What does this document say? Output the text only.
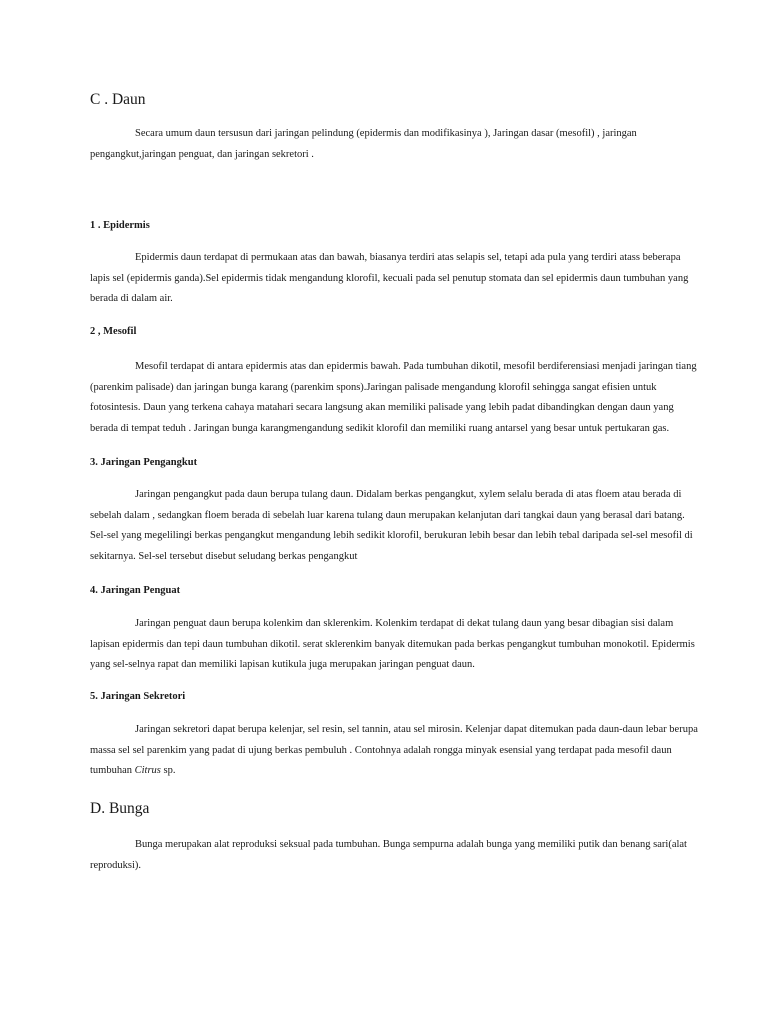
C . Daun

Secara umum daun tersusun dari jaringan pelindung (epidermis dan modifikasinya ), Jaringan dasar (mesofil) , jaringan
pengangkut,jaringan penguat, dan jaringan sekretori .

1 . Epidermis

Epidermis daun terdapat di permukaan atas dan bawah, biasanya terdiri atas selapis sel, tetapi ada pula yang terdiri atass beberapa
lapis sel (epidermis ganda).Sel epidermis tidak mengandung klorofil, kecuali pada sel penutup stomata dan sel epidermis daun tumbuhan yang
berada di dalam air.

2 , Mesofil

Mesofil terdapat di antara epidermis atas dan epidermis bawah. Pada tumbuhan dikotil, mesofil berdiferensiasi menjadi jaringan tiang
(parenkim palisade) dan jaringan bunga karang (parenkim spons).Jaringan palisade mengandung klorofil sehingga sangat efisien untuk
fotosintesis. Daun yang terkena cahaya matahari secara langsung akan memiliki palisade yang lebih padat dibandingkan dengan daun yang
berada di tempat teduh . Jaringan bunga karangmengandung sedikit klorofil dan memiliki ruang antarsel yang besar untuk pertukaran gas.

3. Jaringan Pengangkut

Jaringan pengangkut pada daun berupa tulang daun. Didalam berkas pengangkut, xylem selalu berada di atas floem atau berada di
sebelah dalam , sedangkan floem berada di sebelah luar karena tulang daun merupakan kelanjutan dari tangkai daun yang berasal dari batang.
Sel-sel yang megelilingi berkas pengangkut mengandung lebih sedikit klorofil, berukuran lebih besar dan lebih tebal daripada sel-sel mesofil di
sekitarnya. Sel-sel tersebut disebut seludang berkas pengangkut

4. Jaringan Penguat

Jaringan penguat daun berupa kolenkim dan sklerenkim. Kolenkim terdapat di dekat tulang daun yang besar dibagian sisi dalam
lapisan epidermis dan tepi daun tumbuhan dikotil. serat sklerenkim banyak ditemukan pada berkas pengangkut tumbuhan monokotil. Epidermis
yang sel-selnya rapat dan memiliki lapisan kutikula juga merupakan jaringan penguat daun.

5. Jaringan Sekretori

Jaringan sekretori dapat berupa kelenjar, sel resin, sel tannin, atau sel mirosin. Kelenjar dapat ditemukan pada daun-daun lebar berupa
massa sel sel parenkim yang padat di ujung berkas pembuluh . Contohnya adalah rongga minyak esensial yang terdapat pada mesofil daun
tumbuhan Citrus sp.

D. Bunga

Bunga merupakan alat reproduksi seksual pada tumbuhan. Bunga sempurna adalah bunga yang memiliki putik dan benang sari(alat
reproduksi).
